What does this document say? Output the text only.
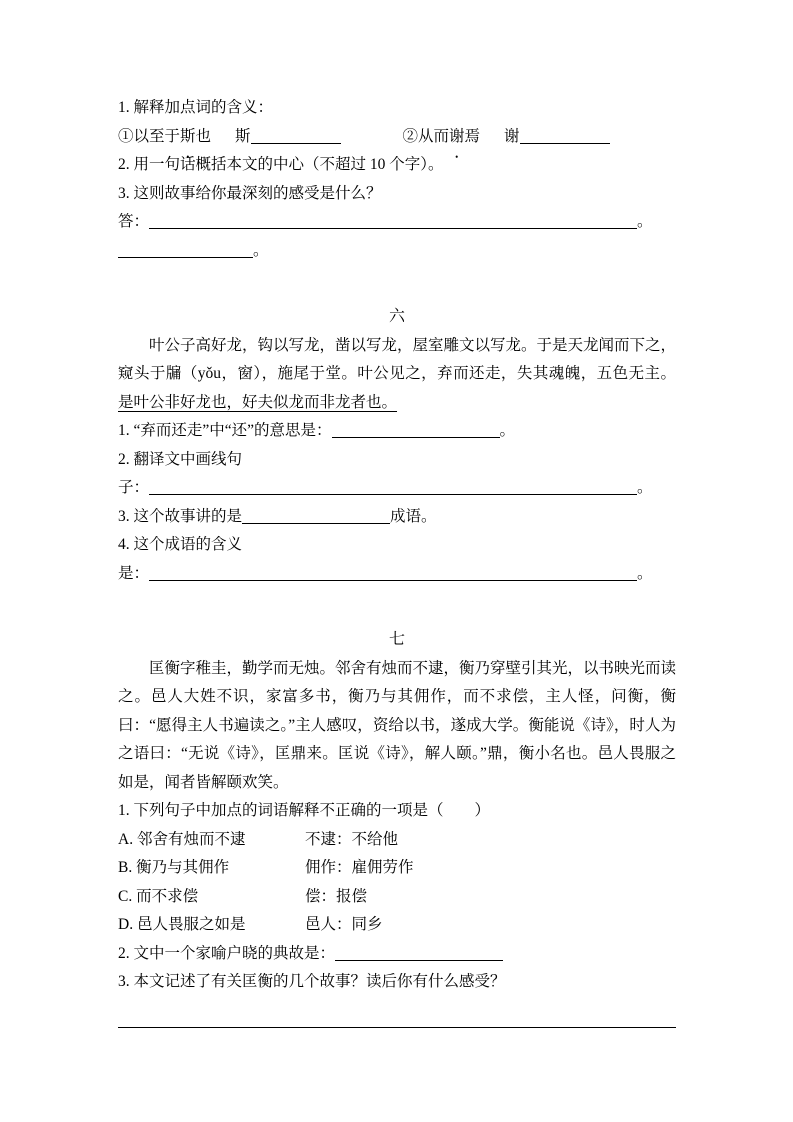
1. 解释加点词的含义：

①以至于斯也 斯	②从而谢焉 谢

2. 用一句话概括本文的中心（不超过 10 个字）。

3. 这则故事给你最深刻的感受是什么？

答：	。

。

六

叶公子高好龙，钩以写龙，凿以写龙，屋室雕文以写龙。于是天龙闻而下之，窥头于牖（yǒu，窗），施尾于堂。叶公见之，弃而还走，失其魂魄，五色无主。是叶公非好龙也，好夫似龙而非龙者也。

1. “弃而还走”中“还”的意思是：	。

2. 翻译文中画线句

子：	。

3. 这个故事讲的是	成语。

4. 这个成语的含义

是：	。

七

匡衡字稚圭，勤学而无烛。邻舍有烛而不逮，衡乃穿壁引其光，以书映光而读之。邑人大姓不识，家富多书，衡乃与其佣作，而不求偿，主人怪，问衡，衡曰：“愿得主人书遍读之。”主人感叹，资给以书，遂成大学。衡能说《诗》，时人为之语曰：“无说《诗》，匡鼎来。匡说《诗》，解人颐。”鼎，衡小名也。邑人畏服之如是，闻者皆解颐欢笑。

1. 下列句子中加点的词语解释不正确的一项是（　　）

A. 邻舍有烛而不逮	不逮：不给他

B. 衡乃与其佣作	佣作：雇佣劳作

C. 而不求偿	偿：报偿

D. 邑人畏服之如是	邑人：同乡

2. 文中一个家喻户晓的典故是：

3. 本文记述了有关匡衡的几个故事？读后你有什么感受？
